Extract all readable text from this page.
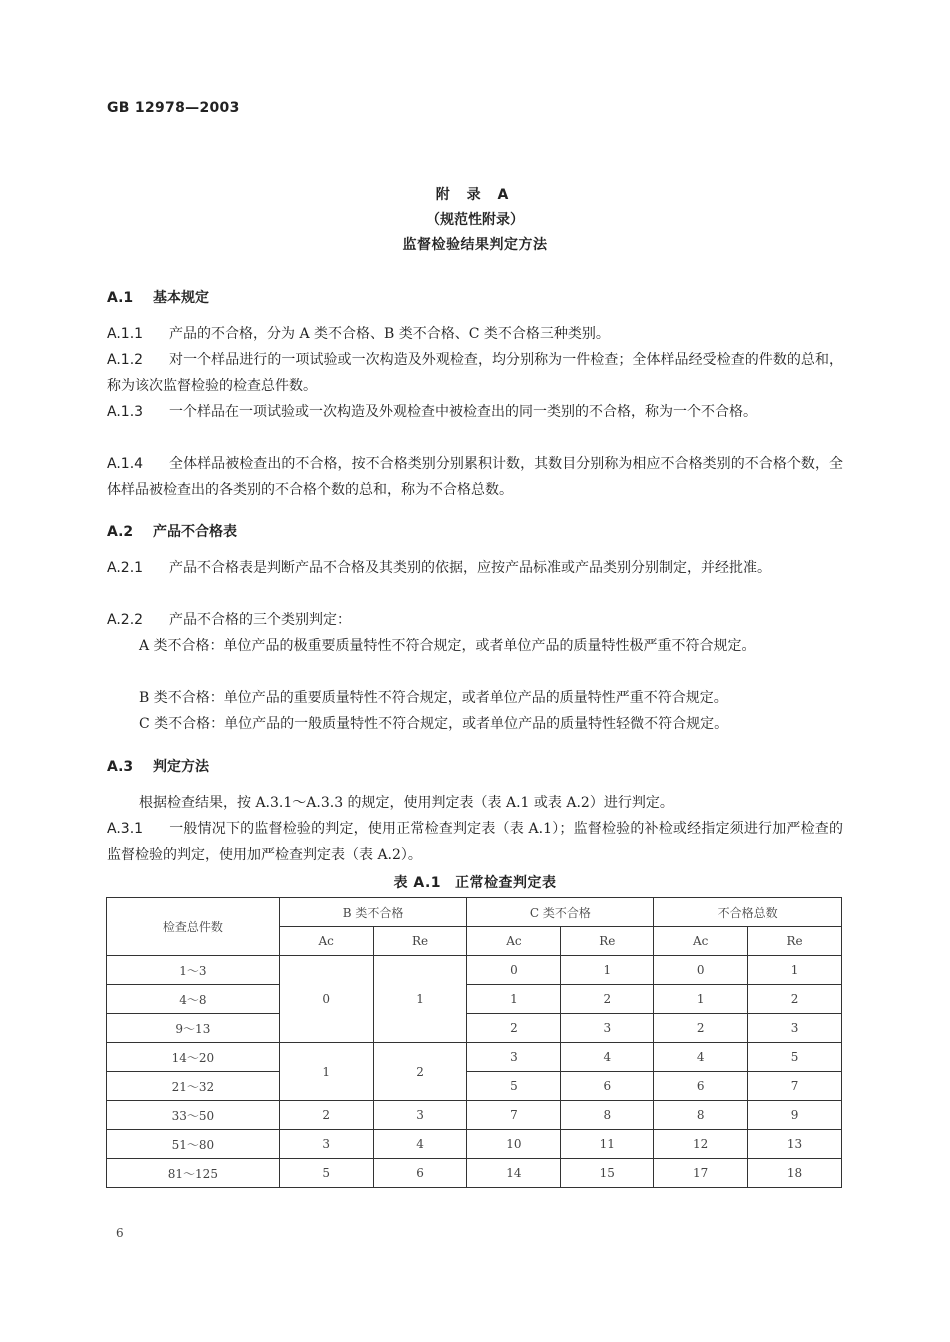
GB 12978—2003
附 录 A
（规范性附录）
监督检验结果判定方法
A.1 基本规定
A.1.1 产品的不合格，分为 A 类不合格、B 类不合格、C 类不合格三种类别。
A.1.2 对一个样品进行的一项试验或一次构造及外观检查，均分别称为一件检查；全体样品经受检查的件数的总和，称为该次监督检验的检查总件数。
A.1.3 一个样品在一项试验或一次构造及外观检查中被检查出的同一类别的不合格，称为一个不合格。
A.1.4 全体样品被检查出的不合格，按不合格类别分别累积计数，其数目分别称为相应不合格类别的不合格个数，全体样品被检查出的各类别的不合格个数的总和，称为不合格总数。
A.2 产品不合格表
A.2.1 产品不合格表是判断产品不合格及其类别的依据，应按产品标准或产品类别分别制定，并经批准。
A.2.2 产品不合格的三个类别判定：
A 类不合格：单位产品的极重要质量特性不符合规定，或者单位产品的质量特性极严重不符合规定。
B 类不合格：单位产品的重要质量特性不符合规定，或者单位产品的质量特性严重不符合规定。
C 类不合格：单位产品的一般质量特性不符合规定，或者单位产品的质量特性轻微不符合规定。
A.3 判定方法
根据检查结果，按 A.3.1～A.3.3 的规定，使用判定表（表 A.1 或表 A.2）进行判定。
A.3.1 一般情况下的监督检验的判定，使用正常检查判定表（表 A.1）；监督检验的补检或经指定须进行加严检查的监督检验的判定，使用加严检查判定表（表 A.2）。
表 A.1 正常检查判定表
检查总件数	B 类不合格		C 类不合格		不合格总数	
	Ac	Re	Ac	Re	Ac	Re
1～3	0	1	0	1	0	1
4～8			1	2	1	2
9～13			2	3	2	3
14～20	1	2	3	4	4	5
21～32			5	6	6	7
33～50	2	3	7	8	8	9
51～80	3	4	10	11	12	13
81～125	5	6	14	15	17	18
6
